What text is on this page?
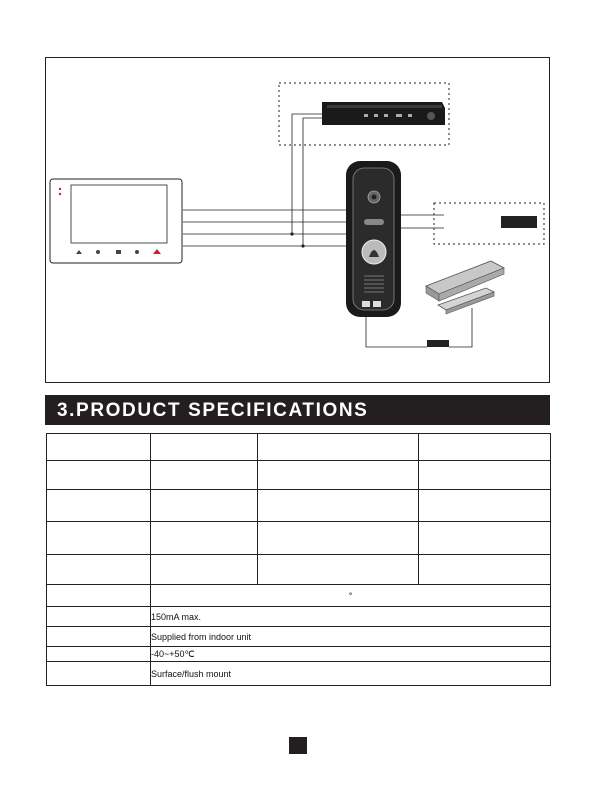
3.PRODUCT SPECIFICATIONS

	°		
	150mA max.		
	Supplied from indoor unit		
	-40~+50℃		
	Surface/flush mount		
